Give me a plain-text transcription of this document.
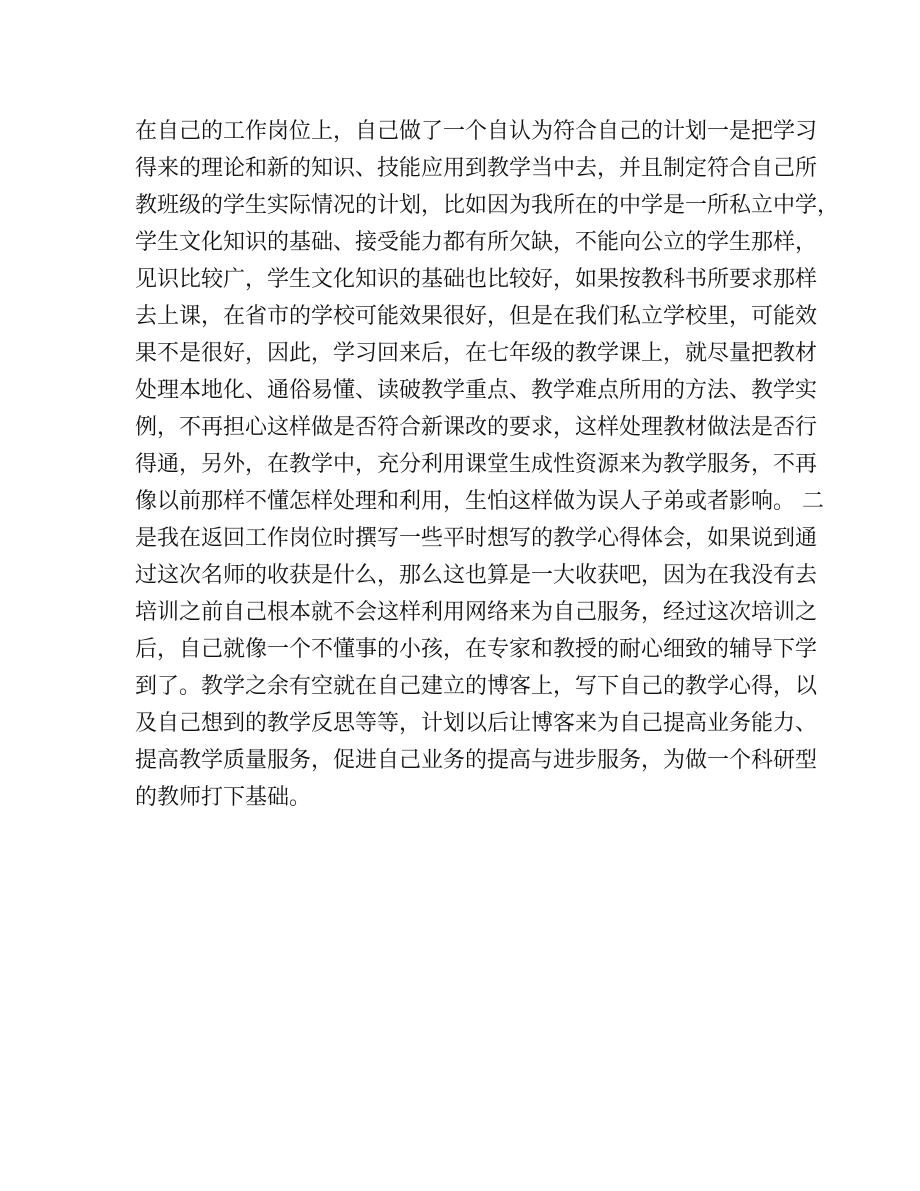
在自己的工作岗位上，自己做了一个自认为符合自己的计划一是把学习
得来的理论和新的知识、技能应用到教学当中去，并且制定符合自己所
教班级的学生实际情况的计划，比如因为我所在的中学是一所私立中学，
学生文化知识的基础、接受能力都有所欠缺，不能向公立的学生那样，
见识比较广，学生文化知识的基础也比较好，如果按教科书所要求那样
去上课，在省市的学校可能效果很好，但是在我们私立学校里，可能效
果不是很好，因此，学习回来后，在七年级的教学课上，就尽量把教材
处理本地化、通俗易懂、读破教学重点、教学难点所用的方法、教学实
例，不再担心这样做是否符合新课改的要求，这样处理教材做法是否行
得通，另外，在教学中，充分利用课堂生成性资源来为教学服务，不再
像以前那样不懂怎样处理和利用，生怕这样做为误人子弟或者影响。 二
是我在返回工作岗位时撰写一些平时想写的教学心得体会，如果说到通
过这次名师的收获是什么，那么这也算是一大收获吧，因为在我没有去
培训之前自己根本就不会这样利用网络来为自己服务，经过这次培训之
后，自己就像一个不懂事的小孩，在专家和教授的耐心细致的辅导下学
到了。教学之余有空就在自己建立的博客上，写下自己的教学心得，以
及自己想到的教学反思等等，计划以后让博客来为自己提高业务能力、
提高教学质量服务，促进自己业务的提高与进步服务，为做一个科研型
的教师打下基础。
